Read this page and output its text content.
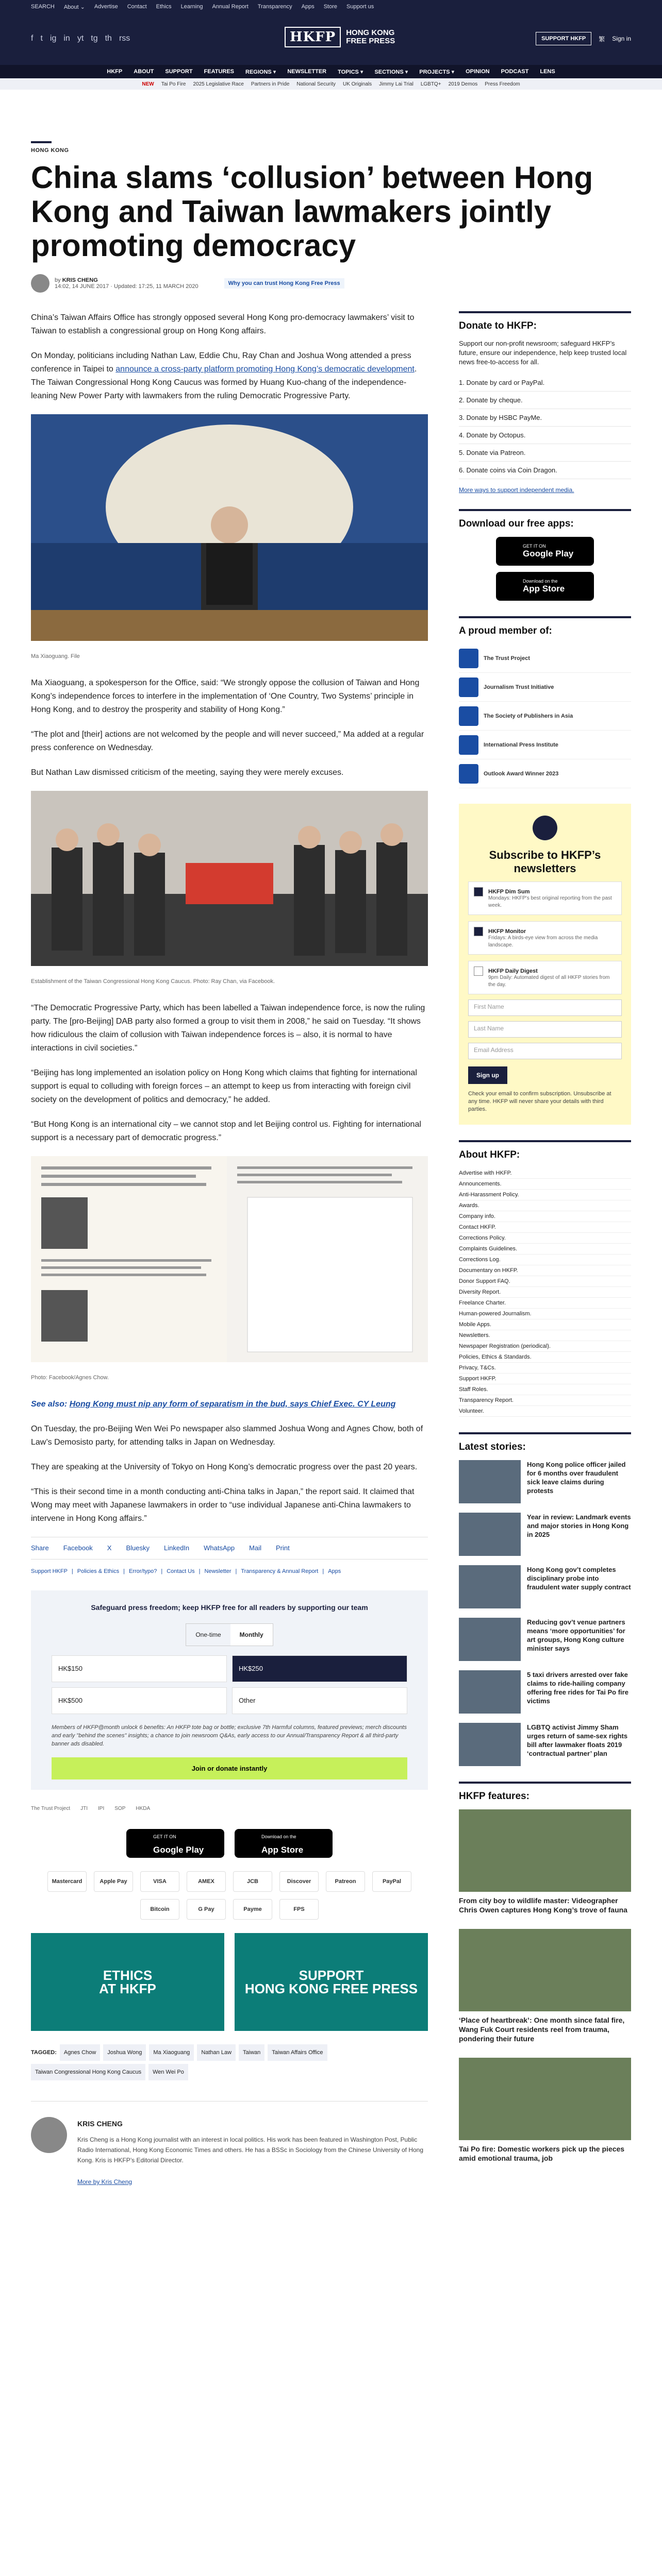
SEARCH About ⌄ Advertise Contact Ethics Learning Annual Report Transparency Apps Store Support us
f t ig in yt tg th rss	HKFP	HONG KONG
FREE PRESS	SUPPORT HKFP	繁 Sign in
HKFP ABOUT SUPPORT FEATURES REGIONS ▾ NEWSLETTER TOPICS ▾ SECTIONS ▾ PROJECTS ▾ OPINION PODCAST LENS
NEW Tai Po Fire 2025 Legislative Race Partners in Pride National Security UK Originals Jimmy Lai Trial LGBTQ+ 2019 Demos Press Freedom
HONG KONG
China slams ‘collusion’ between Hong Kong and Taiwan lawmakers jointly promoting democracy
by KRIS CHENG
14:02, 14 JUNE 2017 · Updated: 17:25, 11 MARCH 2020	Why you can trust Hong Kong Free Press

China’s Taiwan Affairs Office has strongly opposed several Hong Kong pro-democracy lawmakers’ visit to Taiwan to establish a congressional group on Hong Kong affairs.

On Monday, politicians including Nathan Law, Eddie Chu, Ray Chan and Joshua Wong attended a press conference in Taipei to announce a cross-party platform promoting Hong Kong’s democratic development. The Taiwan Congressional Hong Kong Caucus was formed by Huang Kuo-chang of the independence-leaning New Power Party with lawmakers from the ruling Democratic Progressive Party.

Ma Xiaoguang. File

Ma Xiaoguang, a spokesperson for the Office, said: “We strongly oppose the collusion of Taiwan and Hong Kong’s independence forces to interfere in the implementation of ‘One Country, Two Systems’ principle in Hong Kong, and to destroy the prosperity and stability of Hong Kong.”

“The plot and [their] actions are not welcomed by the people and will never succeed,” Ma added at a regular press conference on Wednesday.

But Nathan Law dismissed criticism of the meeting, saying they were merely excuses.

Establishment of the Taiwan Congressional Hong Kong Caucus. Photo: Ray Chan, via Facebook.

“The Democratic Progressive Party, which has been labelled a Taiwan independence force, is now the ruling party. The [pro-Beijing] DAB party also formed a group to visit them in 2008,” he said on Tuesday. “It shows how ridiculous the claim of collusion with Taiwan independence forces is – also, it is normal to have interactions in civil societies.”

“Beijing has long implemented an isolation policy on Hong Kong which claims that fighting for international support is equal to colluding with foreign forces – an attempt to keep us from interacting with foreign civil society on the development of politics and democracy,” he added.

“But Hong Kong is an international city – we cannot stop and let Beijing control us. Fighting for international support is a necessary part of democratic progress.”

Photo: Facebook/Agnes Chow.

See also: Hong Kong must nip any form of separatism in the bud, says Chief Exec. CY Leung

On Tuesday, the pro-Beijing Wen Wei Po newspaper also slammed Joshua Wong and Agnes Chow, both of Law’s Demosisto party, for attending talks in Japan on Wednesday.

They are speaking at the University of Tokyo on Hong Kong’s democratic progress over the past 20 years.

“This is their second time in a month conducting anti-China talks in Japan,” the report said. It claimed that Wong may meet with Japanese lawmakers in order to “use individual Japanese anti-China lawmakers to intervene in Hong Kong affairs.”

Share Facebook X Bluesky LinkedIn WhatsApp Mail Print
Support HKFP | Policies & Ethics | Error/typo? | Contact Us | Newsletter | Transparency & Annual Report | Apps
Safeguard press freedom; keep HKFP free for all readers by supporting our team
One-time	Monthly
HK$150	HK$250
HK$500	Other
Members of HKFP@month unlock 6 benefits: An HKFP tote bag or bottle; exclusive 7th Harmful columns, featured previews; merch discounts and early "behind the scenes" insights; a chance to join newsroom Q&As, early access to our Annual/Transparency Report & all third-party banner ads disabled.
Join or donate instantly
The Trust Project JTI IPI SOP HKDA
GET IT ON
Google Play
Download on the
App Store
Mastercard	Apple Pay	VISA	AMEX	JCB	Discover	Patreon	PayPal
Bitcoin	G Pay	Payme	FPS
ETHICS
AT HKFP
SUPPORT
HONG KONG FREE PRESS
TAGGED:	Agnes Chow	Joshua Wong	Ma Xiaoguang	Nathan Law	Taiwan	Taiwan Affairs Office
Taiwan Congressional Hong Kong Caucus	Wen Wei Po
KRIS CHENG

Kris Cheng is a Hong Kong journalist with an interest in local politics. His work has been featured in Washington Post, Public Radio International, Hong Kong Economic Times and others. He has a BSSc in Sociology from the Chinese University of Hong Kong. Kris is HKFP’s Editorial Director.

More by Kris Cheng

Donate to HKFP:
Support our non-profit newsroom; safeguard HKFP’s future, ensure our independence, help keep trusted local news free-to-access for all.
1. Donate by card or PayPal.
2. Donate by cheque.
3. Donate by HSBC PayMe.
4. Donate by Octopus.
5. Donate via Patreon.
6. Donate coins via Coin Dragon.
More ways to support independent media.
Download our free apps:
GET IT ON
Google Play
Download on the
App Store
A proud member of:
The Trust Project
Journalism Trust Initiative
The Society of Publishers in Asia
International Press Institute
Outlook Award Winner 2023
Subscribe to HKFP’s newsletters
HKFP Dim Sum
Mondays: HKFP's best original reporting from the past week.
HKFP Monitor
Fridays: A birds-eye view from across the media landscape.
HKFP Daily Digest
9pm Daily: Automated digest of all HKFP stories from the day.
First Name
Last Name
Email Address
Sign up
Check your email to confirm subscription. Unsubscribe at any time. HKFP will never share your details with third parties.
About HKFP:
Advertise with HKFP.
Announcements.
Anti-Harassment Policy.
Awards.
Company info.
Contact HKFP.
Corrections Policy.
Complaints Guidelines.
Corrections Log.
Documentary on HKFP.
Donor Support FAQ.
Diversity Report.
Freelance Charter.
Human-powered Journalism.
Mobile Apps.
Newsletters.
Newspaper Registration (periodical).
Policies, Ethics & Standards.
Privacy, T&Cs.
Support HKFP.
Staff Roles.
Transparency Report.
Volunteer.
Latest stories:
Hong Kong police officer jailed for 6 months over fraudulent sick leave claims during protests
Year in review: Landmark events and major stories in Hong Kong in 2025
Hong Kong gov’t completes disciplinary probe into fraudulent water supply contract
Reducing gov’t venue partners means ‘more opportunities’ for art groups, Hong Kong culture minister says
5 taxi drivers arrested over fake claims to ride-hailing company offering free rides for Tai Po fire victims
LGBTQ activist Jimmy Sham urges return of same-sex rights bill after lawmaker floats 2019 ‘contractual partner’ plan
HKFP features:
From city boy to wildlife master: Videographer Chris Owen captures Hong Kong’s trove of fauna
‘Place of heartbreak’: One month since fatal fire, Wang Fuk Court residents reel from trauma, pondering their future
Tai Po fire: Domestic workers pick up the pieces amid emotional trauma, job
